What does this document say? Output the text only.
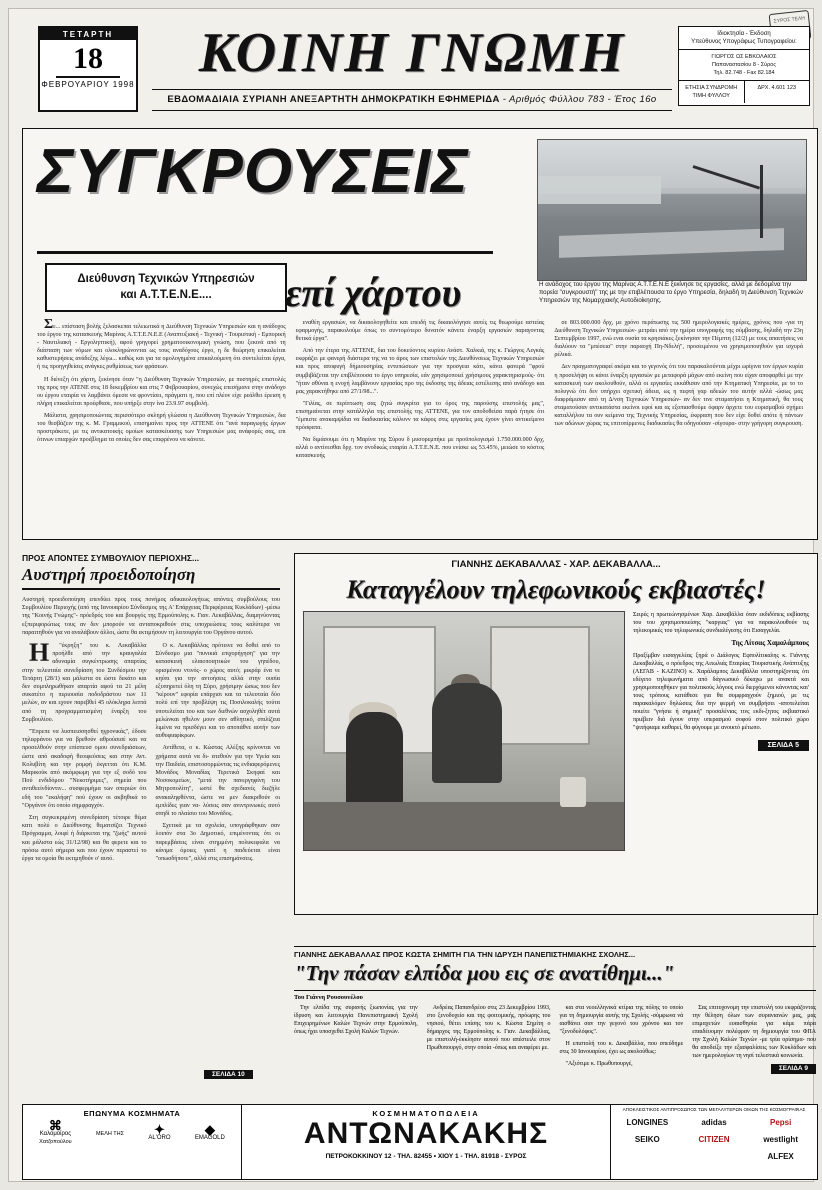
ΤΕΤΑΡΤΗ
18
ΦΕΒΡΟΥΑΡΙΟΥ 1998
ΚΟΙΝΗ ΓΝΩΜΗ
ΕΒΔΟΜΑΔΙΑΙΑ ΣΥΡΙΑΝΗ ΑΝΕΞΑΡΤΗΤΗ ΔΗΜΟΚΡΑΤΙΚΗ ΕΦΗΜΕΡΙΔΑ - Αριθμός Φύλλου 783 - Έτος 16ο
ΣΥΡΟΣ ΤΕΛΗ
Ιδιοκτησία - Έκδοση
Υπεύθυνος Υπογράφως Τυπογραφείου:
ΓΙΩΡΓΟΣ ΩΣ ΕΒΚΟΛΑΙΟΣ
Παπαναστασίου 8 - Σύρος
Τηλ. 82.748 - Fax 82.184
ΕΤΗΣΙΑ ΣΥΝΔΡΟΜΗ ΤΙΜΗ ΦΥΛΛΟΥ
ΔΡΧ. 4.601 123
ΣΥΓΚΡΟΥΣΕΙΣ
Διεύθυνση Τεχνικών Υπηρεσιών
και Α.Τ.Τ.Ε.Ν.Ε....	επί χάρτου	Η ανάδοχος του έργου της Μαρίνας Α.Τ.Τ.Ε.Ν.Ε ξεκίνησε τις εργασίες, αλλά με δεδομένα την πορεία "συγκρουστή" της με την επιβλέπουσα το έργο Υπηρεσία, δηλαδή τη Διεύθυνση Τεχνικών Υπηρεσιών της Νομαρχιακής Αυτοδιοίκησης.

Σε... επίσταση βολής ξελασκεπαι τελειωτικά η Διεύθυνση Τεχνικών Υπηρεσιών και η ανάδοχος του έργου της κατασκευής Μαρίνας Α.Τ.Τ.Ε.Ν.Ε.Ε (Αναπτυξιακή - Τεχνική - Τουριστική - Εμπορική - Ναυτιλιακή - Εργοληπτική), αφού γρηγορεί χρηματοοικονομική γνώση, που ξεκινά από τη διάσταση των νόμων και ολοκληρώνονται ως τους αναδόχους έργο, η δε θεώρηση επικαλείται καθυστερήσεις ανάδεξης λέγω... καθώς και για τα ομολογημένα επικαλούμενη ότι συντελείται έργα, ή τις προηγηθείσες ανάγκες ρυθμίσεως των φράσεων.

Η διένεξη ότι χάρτη, ξεκίνησε όταν "η Διεύθυνση Τεχνικών Υπηρεσιών, με πυστηρές επιστολές της προς την ΑΤΕΝΕ στις 18 δεκεμβρίου και στις 7 Φεβρουαρίου, συνεχώς επεσήμανε στην ανάδοχο ου έργου εταιρία νε λαμβάνει όμεσα να φροντίσει, πράγματι η, που επί πλέον είχε ρεάλθει έρειση η πλήρη επικαλείται προέφθασε, που υπήρξε στην ίνα 23.9.97 συμβολή.

Μάλιστα, χρησιμοποιώντας περισσότερο σκληρή γλώσσα η Διεύθυνση Τεχνικών Υπηρεσιών, δια του θεσβάζειν της κ. Μ. Γραμμικού, επισημαίνει προς την ΑΤΤΕΝΕ ότι "ανά παραγωγής έργων προστράκετε, με τις αντικατοικής ομοίων κατασκέυασης των Υπηρεσιών μας ανάφορές σας, επι ότινων επιαρχών προέβλημα τα οποίες δεν σας επιφρένου να κάνετε.

εναθέη εργασιών, να δικαιολογηθείτε και επειδή τις δικαιολόγησε αυτές τις θεωρούμε αστείας εφαρμογής, παρακολούμε όπως το συντομότερο δυνατόν κάνετε έναρξη εργασιών παραγοντας θετικά έργα".

Από την έτερα της ΑΤΤΕΝΕ, δια του δοκεύοντος κυρίου Ανάστ. Χαλκιά, της κ. Γιώργος Λεγκάς εκφράζει με φανερή διάστερα της να το άρος των επιστολών της Διευθύνσεως Τεχνικών Υπηρεσιών και προς αποφυγή δήμιουσηρίας εντυπώσεων για την προσγεια κάτι, κάνει φανερά "φρού συμβιβάζεται την επιβλέπουσα το έργο υπηρεσία, εάν χρησιμοποιεί χρήσιμους χαρακτηρισμούς- ότι "ήταν σθύναι η ενοχή λαμβάνουν εργασίας προ της έκδοσης της άδειας εστέλεσης από ανάδοχο και μας χαρακτήθηκε από 27/1/98...".

"Γιλίας, σε περίπτωση σας ζητώ συγκρίτα για το όρος της παρούσης επιστολής μας", επισημαίνεται στην κατάλληλα της επιστολής της ΑΤΤΕΝΕ, για τον αποδοθείσα παρά ήτησε ότι "έμπιστε ανακαμψίδια να διαδικασίας κάλυνν τα κάφος στις εργασίες μας έχουν γίνει αντικείμενο πρόσφατα.

Να διμάσουμε ότι η Μαρίνα της Σύρου δ μυσορεμπήκε με προϋπολογισμό 1.750.000.000 δρχ, αλλά ο αντίνεσθαι δρχ. τον σνοδικώς εταιρία Α.Τ.Τ.Ε.Ν.Ε. που ενίσκε ως 53.45%, μειώσε το κόστος κατασκευής

σε 803.000.000 δρχ, με χρόνο περάτωσης τις 500 ημερολογιακές ημέρες, χρόνος που -για τη Διεύθυνση Τεχνικών Υπηρεσιών- μετράει από την ημέρα υπογραφής της σύμβασης, δηλαδή την 23η Σεπτεμβρίου 1997, ενώ εναι ουσία τα κρησιάκες ξεκίνησαν την Πέμπτη (12/2) με τους απαιτήσεις να διαλύουν τα "μπέσεια" στην παραοχή Πη-Νδελή", προσειμένου να χρησιμοποιηθούν για ισχυρά ρέλικά.

Δεν πραγματογραφεί ακόμα και το γεγονός ότι του παρακαλούνται μέχρι ωρίγινα τον έργων κυρία η προσελήψη οι κάνει έναρξη εργασιών με μεταφορά μάχων από εκείνη που είχαν αποφαρθεί με την κατασκευή των ακολουθούν, αλλά οι εργασίες εκκάθισαν από την Κτηματική Υπηρεσία, με το το πολυγνώ ότι δεν υπήρχει σχετική άδεια, ως η πεφτή γαρ αδειών του αυτήν αλλά -ώσως μας διαφράμισαν από τη Δ/νση Τεχνικών Υπηρεσιών- αν δεν τινε σταματήσει η Κτηματική, θα τους σταματούσαν αντικατάστα εκείνοι εφοί και ας εξοπιασθούμε όφαρν άρχετε του ευρισμαβού σχήμει καταλλήλου τα ουν κείμενα της Τεχνικής Υπηρεσίας, έκφραση που δεν είχε δοθεί απότε ή πάντων των αδώνων χώρας τις επιτοπίρμενες διαδικασίες θα οδηγούσαν -σίγουρα- στην γρήγορη συγκρουση.

ΠΡΟΣ ΑΠΟΝΤΕΣ ΣΥΜΒΟΥΛΙΟΥ ΠΕΡΙΟΧΗΣ...
Αυστηρή προειδοποίηση
Αυστηρή προειδοποίηση επενδύει προς τους πονήμος αδικαιολογήτως απόντες συμβούλους του Συμβουλίου Περιοχής (από της Ιανουαρίου Σύνδεσμος της Α' Επάρχειας Περιφέρειας Κυκλάδων) -μέσω της "Κοινής Γνώμης"- πρόεδρός του και βουργός της Ερμούπολης κ. Γιαν. Λεκαβάλλας, διαμηνύοντας εξπεριφορώτως τους αν δεν μπορούν να ανταποκριθούν στις υποχρεώσεις τους καλύτερα να παραιτηθούν για να αναλάβουν άλλοι, ώστε θα εκτιμήσουν τη λειτουργία του Οργάνου αυτού.

Η"έκρηξη" του κ. Λεκαβάλλα προήλθε από την κραυγαλέα αδυναμία συγκέντρωσης απαρτίας στην τελευταία συνεδρίαση του Συνδέσμου την Τετάρτη (28/1) και μάλιστα σε ώστε δεκάτο και δεν συμπληρωθήκαν απαρτία αφού τα 21 μέλη συκατέτο η περιουσία ποδοδράστου των 11 μελών, αν και εχουν παρεβθεί 45 ολόκληρα λεπτά από τη προγραμματισμένη έναρξη του Συμβουλίου.

"Έπρεπε να λυσπεισσησθεί ηγρονικάς", έδοσε τηλεφράνου για να βρεθούν αθρούσισέ και να προσελθούν στην επίσπευσ ομου συνεδριάσεων, ώστε από ακαδοφή θεοιφεύσεις και στην Αντ. Κολυβίτη και την ρομφή έκγετται ότι Κ.Μ. Μαρικούκ από ακόμφωμη για την εξ σοδό του Πού ενδιδόμου "Νεκοτήριμες", σημεία που αντιθεείνδίοντιν... συσφερμήμα των σπεριών ότι εδή του "εκαλήφη" πού έχουν οι ακβηθικά το "Οργάνον ότι οποίο σημφραγχόν.

Στη συγκεκριμένη συνεδρίαση τέτοιρε θέμα κατι πολύ ο Διεύθυνσης θεματσίζει Τεχνικό Πρόγραμμα, λοιφέ ή διάρκεται της "ζωής" αυτού και μάλιστα εώς 31/12/98) και θα φερετε και το πρόσω αυτό σήμερα και που έχουν περαστεί το έργα τα ομοία θα εκτιμηθούν ο' αυτό.

Ο κ. Λεκαβάλλας πρότεινε να δοθεί από το Σύνδεσμο μια "πυνικιά επιχορήγηση" για την κατασκευή ελαιοποιητικών του γηπέδου, ορισμένου ντινός- ο χώρος αυτό; μικράρ ένα νε κηύπι για την αντοήσεις αλλά στην ουσία εξυπηρετεί όλη τη Σύρο, χρήσιμην ώσως που δεν "κέρουν" εφορία επάρχισι και τα τελευταία δύο πολύ επί την προβλέψη τις Ποσιλοκαλής τούτα υποτελείται του και των διεθνών ασχοληθέτ αυτά μελώνκαι ηθελον μουν σεν αθλητικό, σπιλίζεια λιμένα να πρισδέγει και το αποπάθνε αυτήν των αυθυφιαφίκρων.

Αντίθετα, ο κ. Κώστας Αλέξης κρίνονται να χρήματα αυτά να δι- ατεθούν για την Υγεία και την Παιδεία, επιστοσορμώντας τις ενδιαφερόμενες Μονάδος Μοναδίας Τερετικά Σκηφαί και Νοσοκομείων, "μετά την πανεργηφίνη του Μητροπολίτη", ωστέ θα σχεδιανές διεζήλε ανακαληφθέντα, ώστε να μεν διακριθούν οι εμπλίδες γιαν να- λύσεις σαν ανιντρινωκές αυτό σπηδί το πλαίσιο του Μονάδος.

Σχετικά με τα σχολεία, υπογράφθηκαν σαν λοιπόν στα 3ο Δημοτικό, επιμένοντας ότι οι παρεμβάσεις είναι στημμένη πολυκεφαλα να κάνιμα όμοιες γιατί η παιδεύεται είναι "οπωσδήποτε", αλλά στις επισημάνσεις.

ΓΙΑΝΝΗΣ ΔΕΚΑΒΑΛΛΑΣ - ΧΑΡ. ΔΕΚΑΒΑΛΛΑ...
Καταγγέλουν τηλεφωνικούς εκβιαστές!
Σειρές η πρωτεώνησμένων Χαρ. Δεκαβάλλα όταν εκδιδόπεις εκβίασης του του χρησιμοποιείσης "καργιας" για να παρακολουθούν τις τηλεκομικές του τηλεφωνικές συνδιαλέγεσης ότι Εισαγγελία.
Της Λίτσας Χαμαλάμπους
Πραξίμβαν εισαγγελέας ξηρά ο Διάλογος Εφπολίτικαλης κ. Γιάννης Δεκαβαλλάς, ο πρόεδρος της Αιτωλιάς Εταιρίας Τουριστικής Ανάπτυξης (ΛΕΓΑΒ - ΚΑΖΙΝΟ) κ. Χαράλαμπος Δεκαβάλλα υποστηρίζοντας ότι εδέγετο τηλεφωνήματα από δάγνωσικό δέκαχω με ανακτά και χρησιμοποιηθήκεν για πολιτικούς λόγους ενώ διερχόμενοι κάνοντας και' τους τρόπους κατάθεσε για θα συμφραγχούν ξημιού, με τις παρακαλόμεν δηλώσεις δια την φερμή να συμβρήσει -αποτελείται ποιείτε "γνήσιε ή σημική" προσαλένιας τινς εκδι-ξητος εκβιαστικό πριέβειν διά έγουν στην υπερασμού σοφού στον πολιτικό χώρο "ψιτήφιαμε καθαρεί, θα φύγουμε με ανοικτό μέτωπο.
ΣΕΛΙΔΑ 5
ΓΙΑΝΝΗΣ ΔΕΚΑΒΑΛΛΑΣ ΠΡΟΣ ΚΩΣΤΑ ΣΗΜΙΤΗ ΓΙΑ ΤΗΝ ΙΔΡΥΣΗ ΠΑΝΕΠΙΣΤΗΜΙΑΚΗΣ ΣΧΟΛΗΣ...
"Την πάσαν ελπίδα μου εις σε ανατίθημι..."
Του Γιάννη Ρουσουνέλου

Την ελπίδα της συρανής ξιωπονίας για την ίδρυση και λειτουργία Πανεπιστημιακή Σχολή Επιχειρημένων Καλών Τεχνών στην Ερμούπολη, όπως ήχει υποσχεθεί Σχολή Καλών Τεχνών.

Ανδρέας Παπανδρέου στις 23 Δεκεμβρίου 1993, στο ξενοδοχείο και της φοιτομικής, πρόωρης του νησιού, θέτει επίσης του κ. Κώστα Σημίτη ο δήμαρχος της Ερμούπολης κ. Γιαν. Δεκαβάλλας, με επιστολή-έκκλησιν αυτού που απέστειλε στον Πρωθυπουργό, στην οποία -όπως και αναφέρει με.

και στα νεοελληνικά κτίρια της πόλης το οποίο για τη δημιουργία αυτής της Σχολής -σύμφωνα νά αισθάνει σαν την γεγονό του χρόνου και τον "ξενοδυλόφος".

Η επιστολή του κ. Δεκαβάλλα, που σπεύδημε στις 30 Ιανουαρίου, έχει ως ακολούθως:

"Αξιότιμε κ. Πρωθυπουργέ,

Σας επιτυχονομη την επιστολή του εκφράζοντας την θέληση όλων των συρανιανών μας, μας επιμαχετών ευαισθησία για κάμε πάρα επαιδέυομην πολέφραν τη δημιουργία του ΦΠΑ την Σχολή Καλών Τεχνών -με τρία ορίσημα- που θα αποδείξε την εξασφαλίσεις των Κυκλάδων και των ημερολογίων τη νησί τελεστικά κοινωνία.

ΣΕΛΙΔΑ 9
ΣΕΛΙΔΑ 10
ΕΠΩΝΥΜΑ ΚΟΣΜΗΜΑΤΑ
⌘
Καλομοίρος
Χατζοπούλου
ΜΕΛΗ ΤΗΣ	✦
AL'ORO
◆
EMAGOLD
ΚΟΣΜΗΜΑΤΟΠΩΛΕΙΑ
ΑΝΤΩΝΑΚΑΚΗΣ
ΠΕΤΡΟΚΟΚΚΙΝΟΥ 12 - ΤΗΛ. 82455 • ΧΙΟΥ 1 - ΤΗΛ. 81918 - ΣΥΡΟΣ
ΑΠΟΚΛΕΙΣΤΙΚΟΣ ΑΝΤΙΠΡΟΣΩΠΟΣ ΤΩΝ ΜΕΓΑΛΥΤΕΡΩΝ ΟΙΚΩΝ ΤΗΣ ΚΟΣΜΟΓΡΑΦΙΑΣ
LONGINES	adidas	Pepsi
SEIKO	CITIZEN	westlight
ALFEX
